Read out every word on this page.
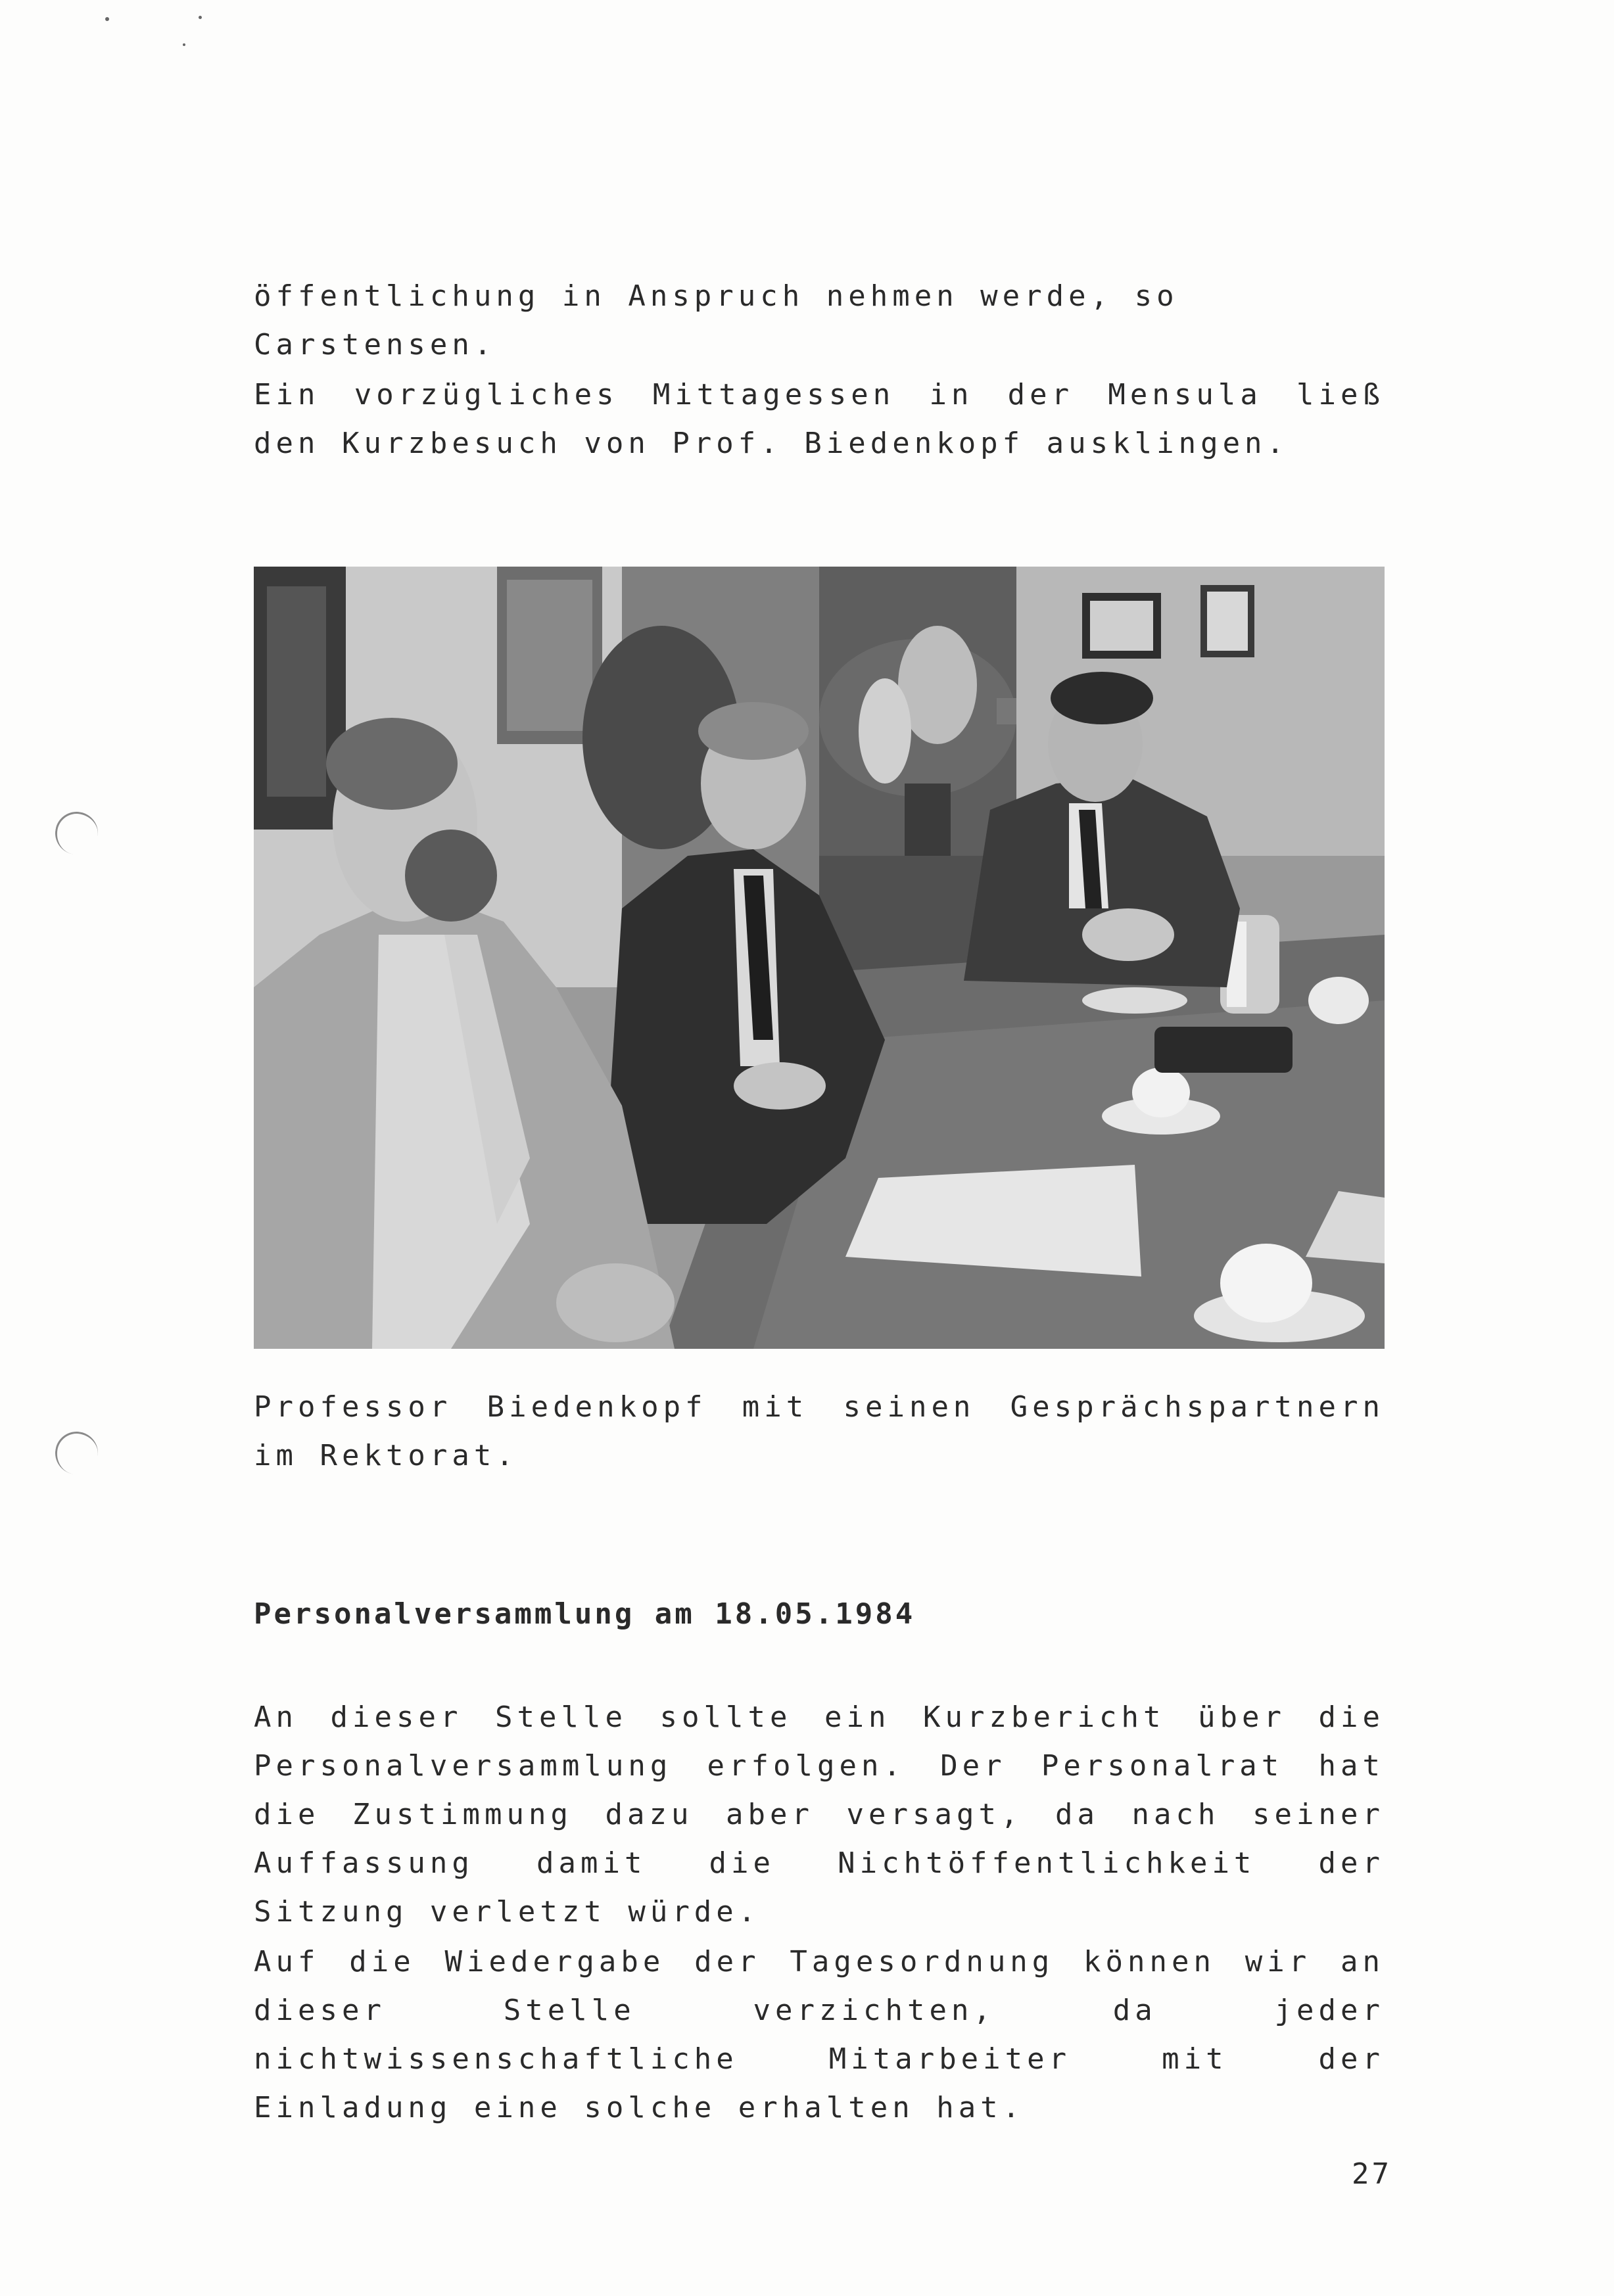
öffentlichung in Anspruch nehmen werde, so Carstensen.
Ein vorzügliches Mittagessen in der Mensula ließ den Kurzbesuch von Prof. Biedenkopf ausklingen.
Professor Biedenkopf mit seinen Gesprächspartnern im Rektorat.
Personalversammlung am 18.05.1984
An dieser Stelle sollte ein Kurzbericht über die Personalversammlung erfolgen. Der Personalrat hat die Zustimmung dazu aber versagt, da nach seiner Auffassung damit die Nichtöffentlichkeit der Sitzung verletzt würde.
Auf die Wiedergabe der Tagesordnung können wir an dieser Stelle verzichten, da jeder nichtwissenschaftliche Mitarbeiter mit der Einladung eine solche erhalten hat.
27
